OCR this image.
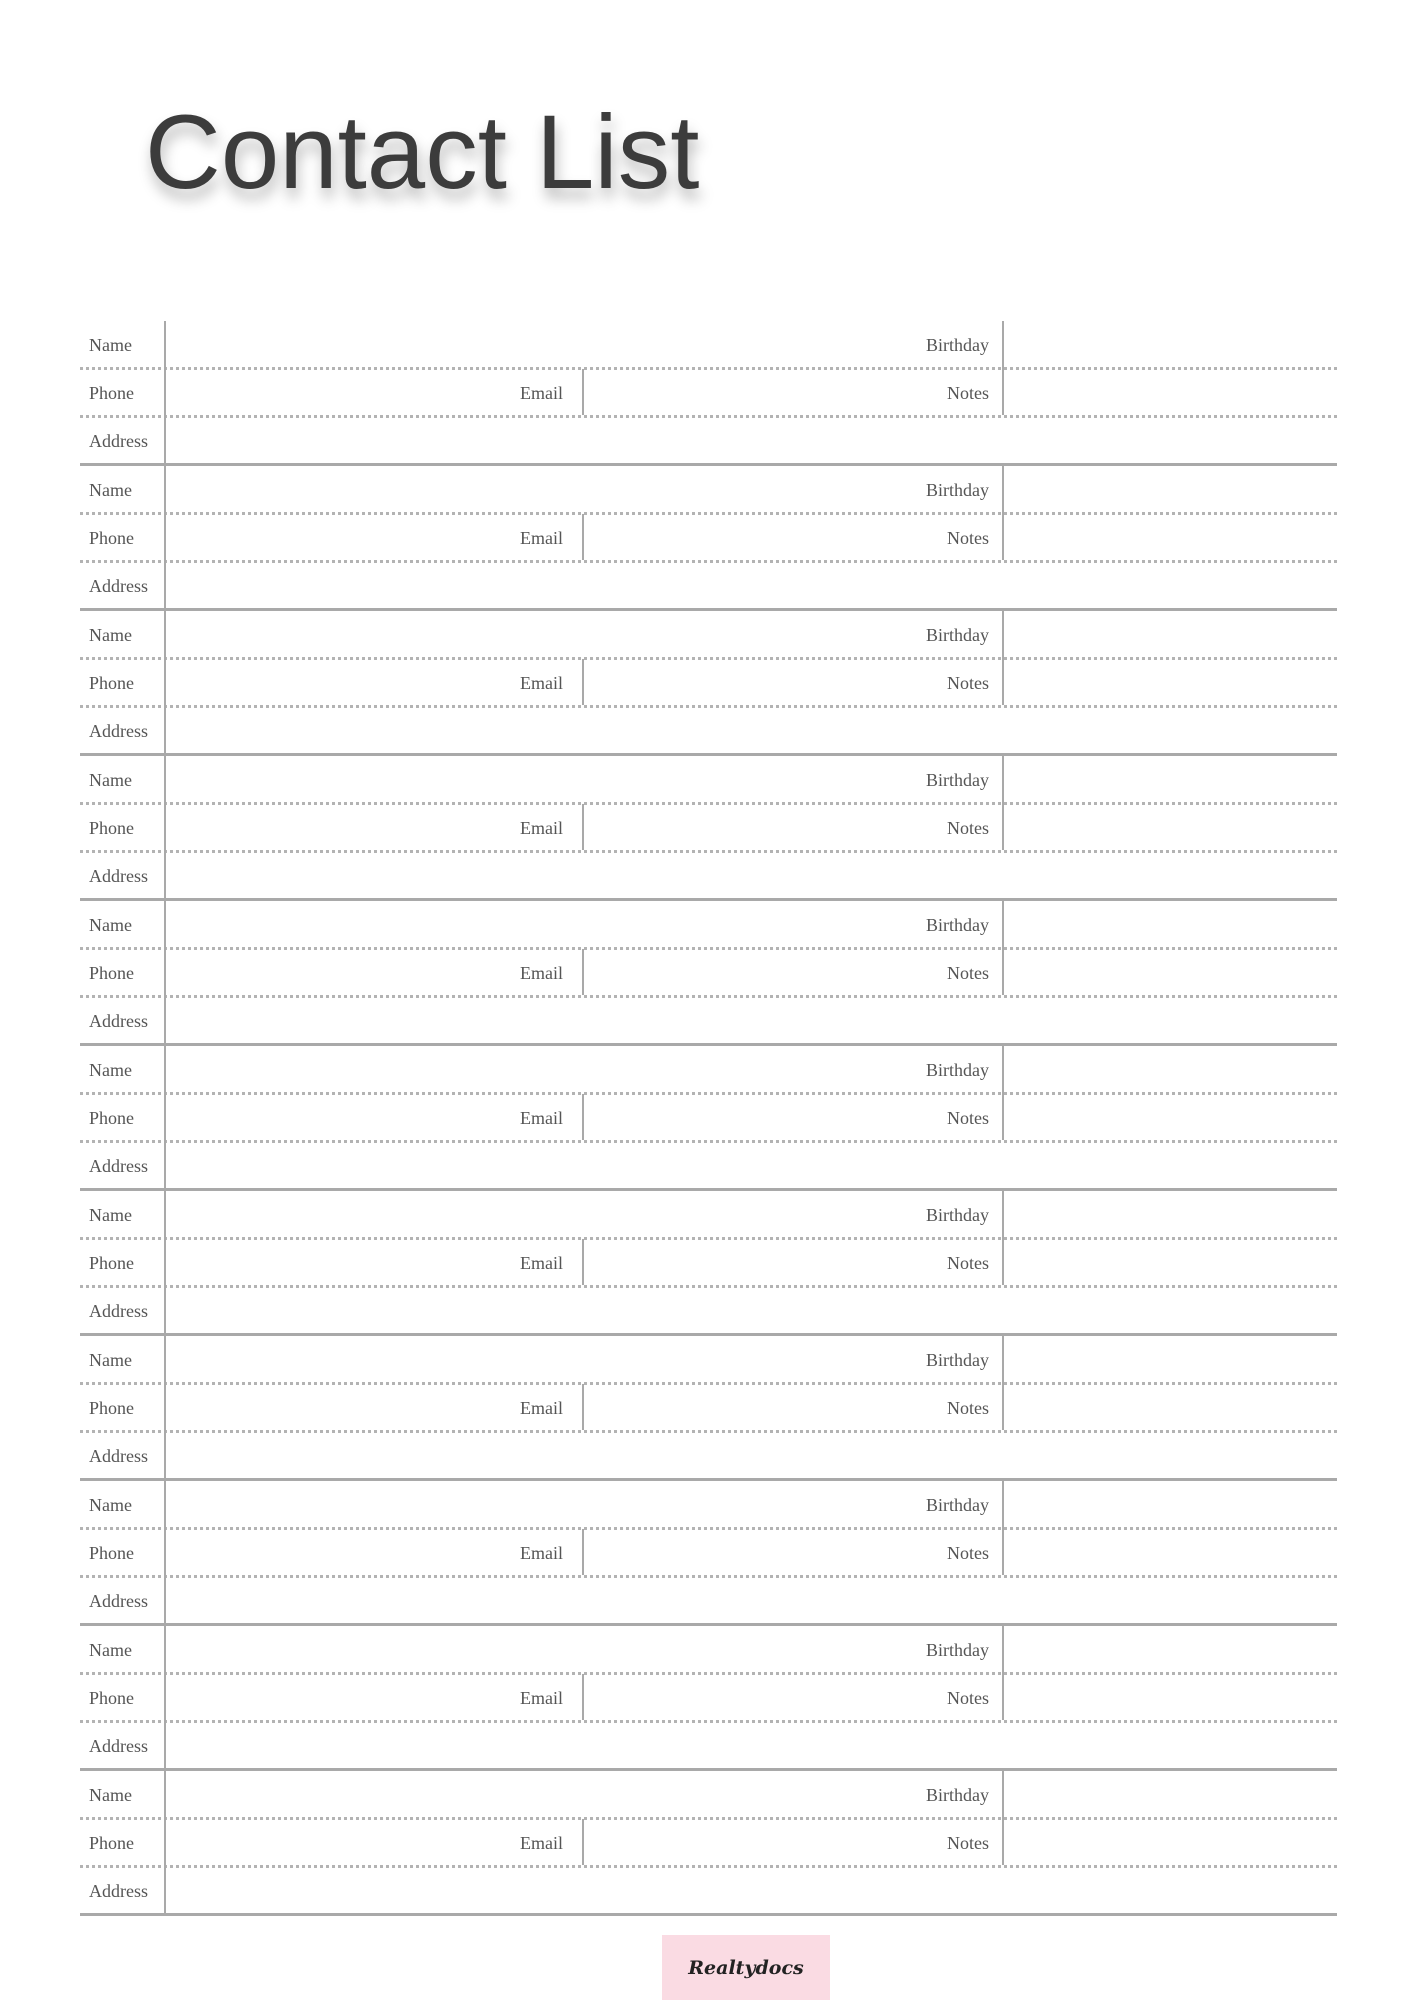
Contact List
Name	Birthday
Phone	Email	Notes
Address
Name	Birthday
Phone	Email	Notes
Address
Name	Birthday
Phone	Email	Notes
Address
Name	Birthday
Phone	Email	Notes
Address
Name	Birthday
Phone	Email	Notes
Address
Name	Birthday
Phone	Email	Notes
Address
Name	Birthday
Phone	Email	Notes
Address
Name	Birthday
Phone	Email	Notes
Address
Name	Birthday
Phone	Email	Notes
Address
Name	Birthday
Phone	Email	Notes
Address
Name	Birthday
Phone	Email	Notes
Address
Realtydocs
